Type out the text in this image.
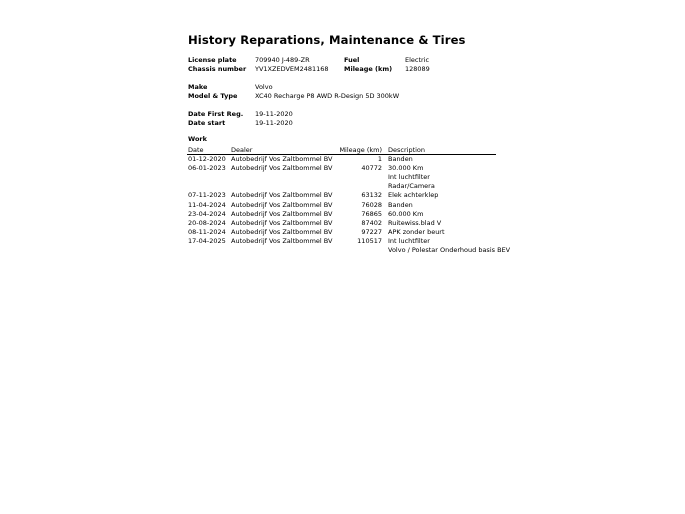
History Reparations, Maintenance & Tires
License plate	709940 J-489-ZR	Fuel	Electric
Chassis number YV1XZEDVEM2481168 Mileage (km) 128089
Make	Volvo
Model & Type	XC40 Recharge P8 AWD R-Design 5D 300kW
Date First Reg. 19-11-2020
Date start	19-11-2020
Work
Date	Dealer	Mileage (km) Description
01-12-2020 Autobedrijf Vos Zaltbommel BV	1 Banden
06-01-2023 Autobedrijf Vos Zaltbommel BV	40772 30.000 Km
Int luchtfilter
Radar/Camera
07-11-2023 Autobedrijf Vos Zaltbommel BV	63132 Elek achterklep
11-04-2024 Autobedrijf Vos Zaltbommel BV	76028 Banden
23-04-2024 Autobedrijf Vos Zaltbommel BV	76865 60.000 Km
20-08-2024 Autobedrijf Vos Zaltbommel BV	87402 Ruitewiss.blad V
08-11-2024 Autobedrijf Vos Zaltbommel BV	97227 APK zonder beurt
17-04-2025 Autobedrijf Vos Zaltbommel BV	110517 Int luchtfilter
Volvo / Polestar Onderhoud basis BEV
